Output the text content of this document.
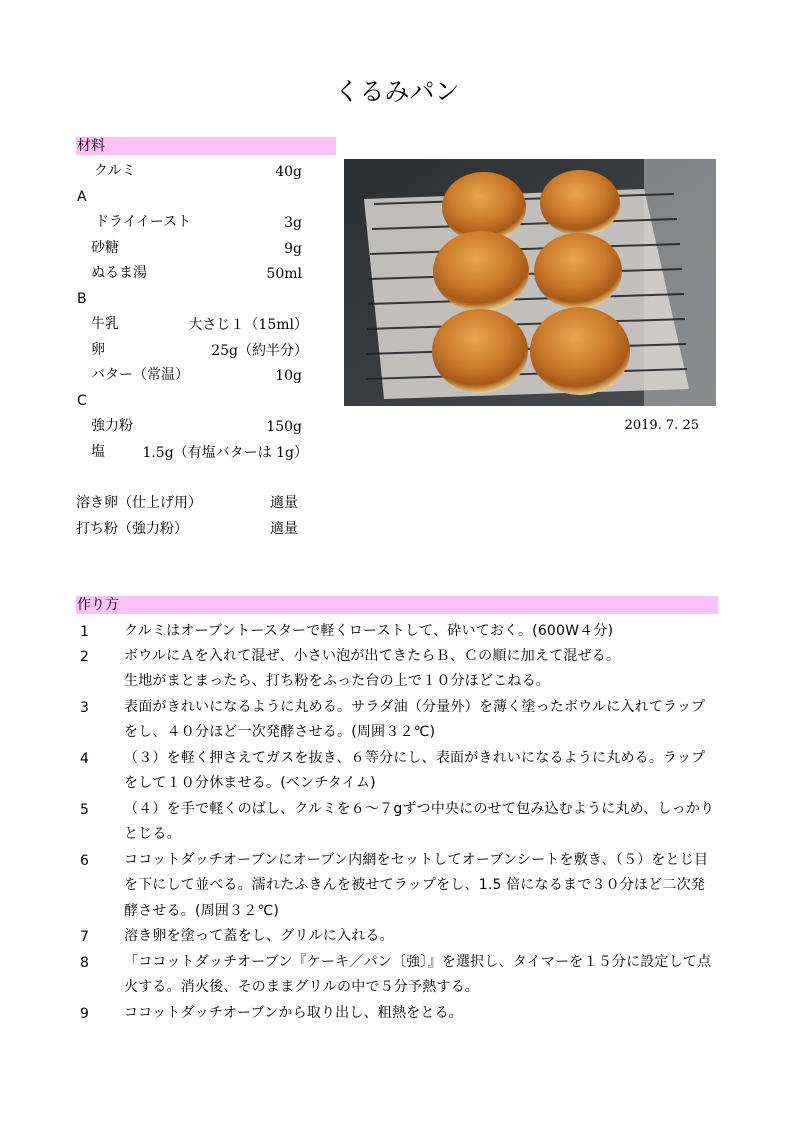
くるみパン
材料
クルミ	40g
A
ドライイースト	3g
砂糖	9g
ぬるま湯	50ml
B
牛乳	大さじ１（15ml）
卵	25g（約半分）
バター（常温）	10g
C
強力粉	150g
塩	1.5g（有塩バターは 1g）
溶き卵（仕上げ用）	適量
打ち粉（強力粉）	適量
2019. 7. 25
作り方
1	クルミはオーブントースターで軽くローストして、砕いておく。(600W４分)
2	ボウルにＡを入れて混ぜ、小さい泡が出てきたらＢ、Ｃの順に加えて混ぜる。
生地がまとまったら、打ち粉をふった台の上で１０分ほどこねる。
3	表面がきれいになるように丸める。サラダ油（分量外）を薄く塗ったボウルに入れてラップをし、４０分ほど一次発酵させる。(周囲３２℃)
4	（３）を軽く押さえてガスを抜き、６等分にし、表面がきれいになるように丸める。ラップをして１０分休ませる。(ベンチタイム)
5	（４）を手で軽くのばし、クルミを６～７gずつ中央にのせて包み込むように丸め、しっかりとじる。
6	ココットダッチオーブンにオーブン内網をセットしてオーブンシートを敷き、（５）をとじ目を下にして並べる。濡れたふきんを被せてラップをし、1.5 倍になるまで３０分ほど二次発酵させる。(周囲３２℃)
7	溶き卵を塗って蓋をし、グリルに入れる。
8	「ココットダッチオーブン『ケーキ／パン〔強〕』を選択し、タイマーを１５分に設定して点火する。消火後、そのままグリルの中で５分予熱する。
9	ココットダッチオーブンから取り出し、粗熱をとる。
